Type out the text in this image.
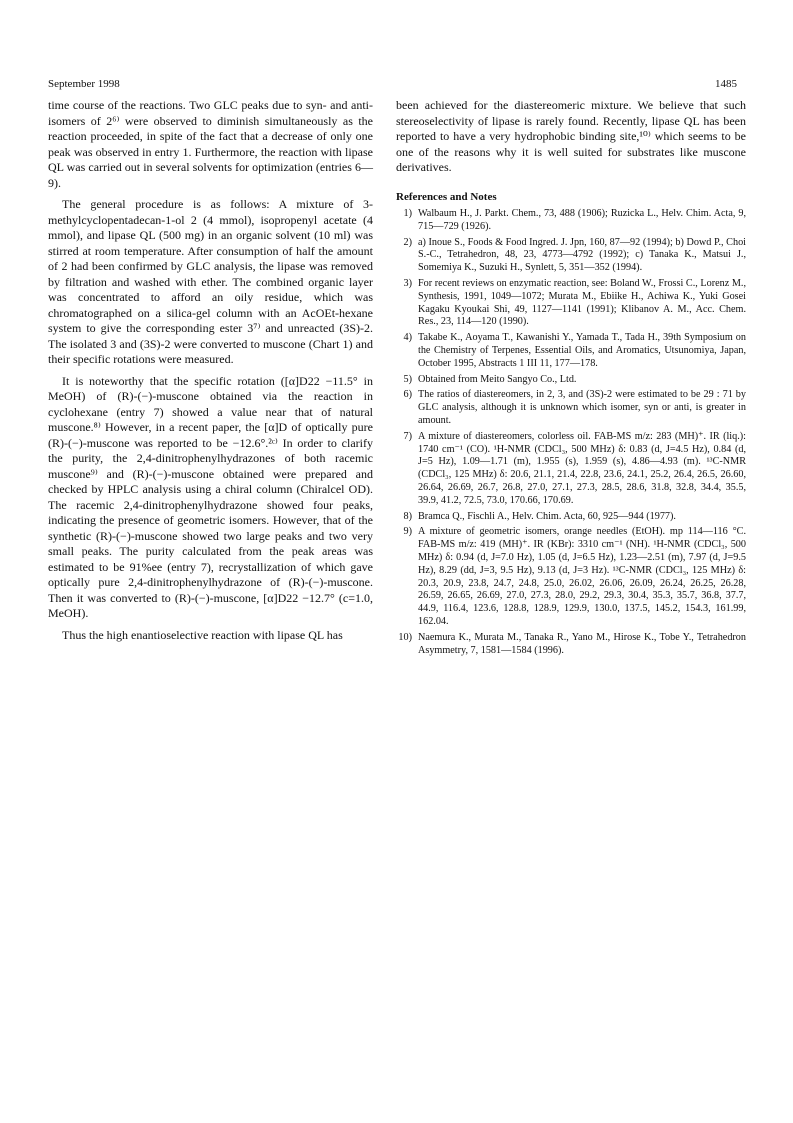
September 1998	1485

time course of the reactions. Two GLC peaks due to syn- and anti-isomers of 2⁶⁾ were observed to diminish simultaneously as the reaction proceeded, in spite of the fact that a decrease of only one peak was observed in entry 1. Furthermore, the reaction with lipase QL was carried out in several solvents for optimization (entries 6—9).

The general procedure is as follows: A mixture of 3-methylcyclopentadecan-1-ol 2 (4 mmol), isopropenyl acetate (4 mmol), and lipase QL (500 mg) in an organic solvent (10 ml) was stirred at room temperature. After consumption of half the amount of 2 had been confirmed by GLC analysis, the lipase was removed by filtration and washed with ether. The combined organic layer was concentrated to afford an oily residue, which was chromatographed on a silica-gel column with an AcOEt-hexane system to give the corresponding ester 3⁷⁾ and unreacted (3S)-2. The isolated 3 and (3S)-2 were converted to muscone (Chart 1) and their specific rotations were measured.

It is noteworthy that the specific rotation ([α]D22 −11.5° in MeOH) of (R)-(−)-muscone obtained via the reaction in cyclohexane (entry 7) showed a value near that of natural muscone.⁸⁾ However, in a recent paper, the [α]D of optically pure (R)-(−)-muscone was reported to be −12.6°.²ᶜ⁾ In order to clarify the purity, the 2,4-dinitrophenylhydrazones of both racemic muscone⁹⁾ and (R)-(−)-muscone obtained were prepared and checked by HPLC analysis using a chiral column (Chiralcel OD). The racemic 2,4-dinitrophenylhydrazone showed four peaks, indicating the presence of geometric isomers. However, that of the synthetic (R)-(−)-muscone showed two large peaks and two very small peaks. The purity calculated from the peak areas was estimated to be 91%ee (entry 7), recrystallization of which gave optically pure 2,4-dinitrophenylhydrazone of (R)-(−)-muscone. Then it was converted to (R)-(−)-muscone, [α]D22 −12.7° (c=1.0, MeOH).

Thus the high enantioselective reaction with lipase QL has

been achieved for the diastereomeric mixture. We believe that such stereoselectivity of lipase is rarely found. Recently, lipase QL has been reported to have a very hydrophobic binding site,¹⁰⁾ which seems to be one of the reasons why it is well suited for substrates like muscone derivatives.

References and Notes
1) Walbaum H., J. Parkt. Chem., 73, 488 (1906); Ruzicka L., Helv. Chim. Acta, 9, 715—729 (1926).
2) a) Inoue S., Foods & Food Ingred. J. Jpn, 160, 87—92 (1994); b) Dowd P., Choi S.-C., Tetrahedron, 48, 23, 4773—4792 (1992); c) Tanaka K., Matsui J., Somemiya K., Suzuki H., Synlett, 5, 351—352 (1994).
3) For recent reviews on enzymatic reaction, see: Boland W., Frossi C., Lorenz M., Synthesis, 1991, 1049—1072; Murata M., Ebiike H., Achiwa K., Yuki Gosei Kagaku Kyoukai Shi, 49, 1127—1141 (1991); Klibanov A. M., Acc. Chem. Res., 23, 114—120 (1990).
4) Takabe K., Aoyama T., Kawanishi Y., Yamada T., Tada H., 39th Symposium on the Chemistry of Terpenes, Essential Oils, and Aromatics, Utsunomiya, Japan, October 1995, Abstracts 1 III 11, 177—178.
5) Obtained from Meito Sangyo Co., Ltd.
6) The ratios of diastereomers, in 2, 3, and (3S)-2 were estimated to be 29 : 71 by GLC analysis, although it is unknown which isomer, syn or anti, is greater in amount.
7) A mixture of diastereomers, colorless oil. FAB-MS m/z: 283 (MH)⁺. IR (liq.): 1740 cm⁻¹ (CO). ¹H-NMR (CDCl₃, 500 MHz) δ: 0.83 (d, J=4.5 Hz), 0.84 (d, J=5 Hz), 1.09—1.71 (m), 1.955 (s), 1.959 (s), 4.86—4.93 (m). ¹³C-NMR (CDCl₃, 125 MHz) δ: 20.6, 21.1, 21.4, 22.8, 23.6, 24.1, 25.2, 26.4, 26.5, 26.60, 26.64, 26.69, 26.7, 26.8, 27.0, 27.1, 27.3, 28.5, 28.6, 31.8, 32.8, 34.4, 35.5, 39.9, 41.2, 72.5, 73.0, 170.66, 170.69.
8) Bramca Q., Fischli A., Helv. Chim. Acta, 60, 925—944 (1977).
9) A mixture of geometric isomers, orange needles (EtOH). mp 114—116 °C. FAB-MS m/z: 419 (MH)⁺. IR (KBr): 3310 cm⁻¹ (NH). ¹H-NMR (CDCl₃, 500 MHz) δ: 0.94 (d, J=7.0 Hz), 1.05 (d, J=6.5 Hz), 1.23—2.51 (m), 7.97 (d, J=9.5 Hz), 8.29 (dd, J=3, 9.5 Hz), 9.13 (d, J=3 Hz). ¹³C-NMR (CDCl₃, 125 MHz) δ: 20.3, 20.9, 23.8, 24.7, 24.8, 25.0, 26.02, 26.06, 26.09, 26.24, 26.25, 26.28, 26.59, 26.65, 26.69, 27.0, 27.3, 28.0, 29.2, 29.3, 30.4, 35.3, 35.7, 36.8, 37.7, 44.9, 116.4, 123.6, 128.8, 128.9, 129.9, 130.0, 137.5, 145.2, 154.3, 161.99, 162.04.
10) Naemura K., Murata M., Tanaka R., Yano M., Hirose K., Tobe Y., Tetrahedron Asymmetry, 7, 1581—1584 (1996).
